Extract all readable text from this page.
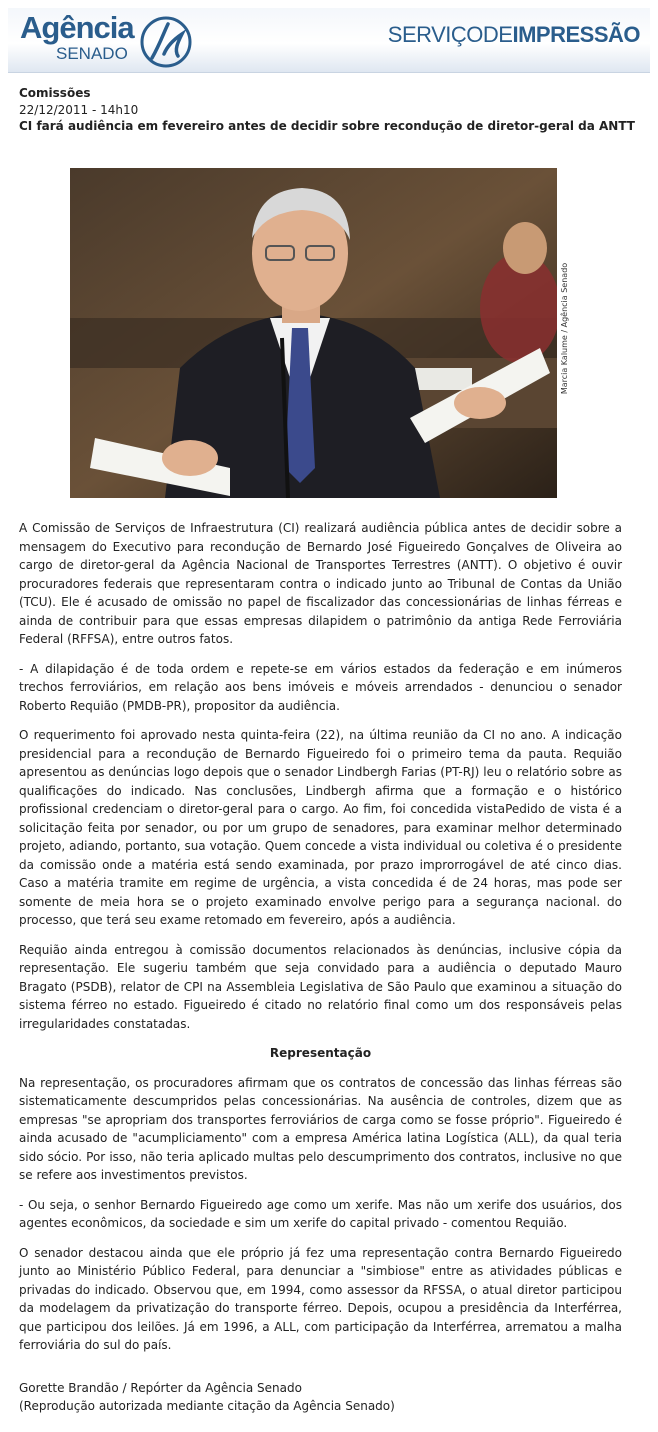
Agência
SENADO
SERVIÇODEIMPRESSÃO
Comissões
22/12/2011 - 14h10
CI fará audiência em fevereiro antes de decidir sobre recondução de diretor-geral da ANTT
Marcia Kalume / Agência Senado

A Comissão de Serviços de Infraestrutura (CI) realizará audiência pública antes de decidir sobre a mensagem do Executivo para recondução de Bernardo José Figueiredo Gonçalves de Oliveira ao cargo de diretor-geral da Agência Nacional de Transportes Terrestres (ANTT). O objetivo é ouvir procuradores federais que representaram contra o indicado junto ao Tribunal de Contas da União (TCU). Ele é acusado de omissão no papel de fiscalizador das concessionárias de linhas férreas e ainda de contribuir para que essas empresas dilapidem o patrimônio da antiga Rede Ferroviária Federal (RFFSA), entre outros fatos.

- A dilapidação é de toda ordem e repete-se em vários estados da federação e em inúmeros trechos ferroviários, em relação aos bens imóveis e móveis arrendados - denunciou o senador Roberto Requião (PMDB-PR), propositor da audiência.

O requerimento foi aprovado nesta quinta-feira (22), na última reunião da CI no ano. A indicação presidencial para a recondução de Bernardo Figueiredo foi o primeiro tema da pauta. Requião apresentou as denúncias logo depois que o senador Lindbergh Farias (PT-RJ) leu o relatório sobre as qualificações do indicado. Nas conclusões, Lindbergh afirma que a formação e o histórico profissional credenciam o diretor-geral para o cargo. Ao fim, foi concedida vistaPedido de vista é a solicitação feita por senador, ou por um grupo de senadores, para examinar melhor determinado projeto, adiando, portanto, sua votação. Quem concede a vista individual ou coletiva é o presidente da comissão onde a matéria está sendo examinada, por prazo improrrogável de até cinco dias. Caso a matéria tramite em regime de urgência, a vista concedida é de 24 horas, mas pode ser somente de meia hora se o projeto examinado envolve perigo para a segurança nacional. do processo, que terá seu exame retomado em fevereiro, após a audiência.

Requião ainda entregou à comissão documentos relacionados às denúncias, inclusive cópia da representação. Ele sugeriu também que seja convidado para a audiência o deputado Mauro Bragato (PSDB), relator de CPI na Assembleia Legislativa de São Paulo que examinou a situação do sistema férreo no estado. Figueiredo é citado no relatório final como um dos responsáveis pelas irregularidades constatadas.

Representação

Na representação, os procuradores afirmam que os contratos de concessão das linhas férreas são sistematicamente descumpridos pelas concessionárias. Na ausência de controles, dizem que as empresas "se apropriam dos transportes ferroviários de carga como se fosse próprio". Figueiredo é ainda acusado de "acumpliciamento" com a empresa América latina Logística (ALL), da qual teria sido sócio. Por isso, não teria aplicado multas pelo descumprimento dos contratos, inclusive no que se refere aos investimentos previstos.

- Ou seja, o senhor Bernardo Figueiredo age como um xerife. Mas não um xerife dos usuários, dos agentes econômicos, da sociedade e sim um xerife do capital privado - comentou Requião.

O senador destacou ainda que ele próprio já fez uma representação contra Bernardo Figueiredo junto ao Ministério Público Federal, para denunciar a "simbiose" entre as atividades públicas e privadas do indicado. Observou que, em 1994, como assessor da RFSSA, o atual diretor participou da modelagem da privatização do transporte férreo. Depois, ocupou a presidência da Interférrea, que participou dos leilões. Já em 1996, a ALL, com participação da Interférrea, arrematou a malha ferroviária do sul do país.

Gorette Brandão / Repórter da Agência Senado
(Reprodução autorizada mediante citação da Agência Senado)
